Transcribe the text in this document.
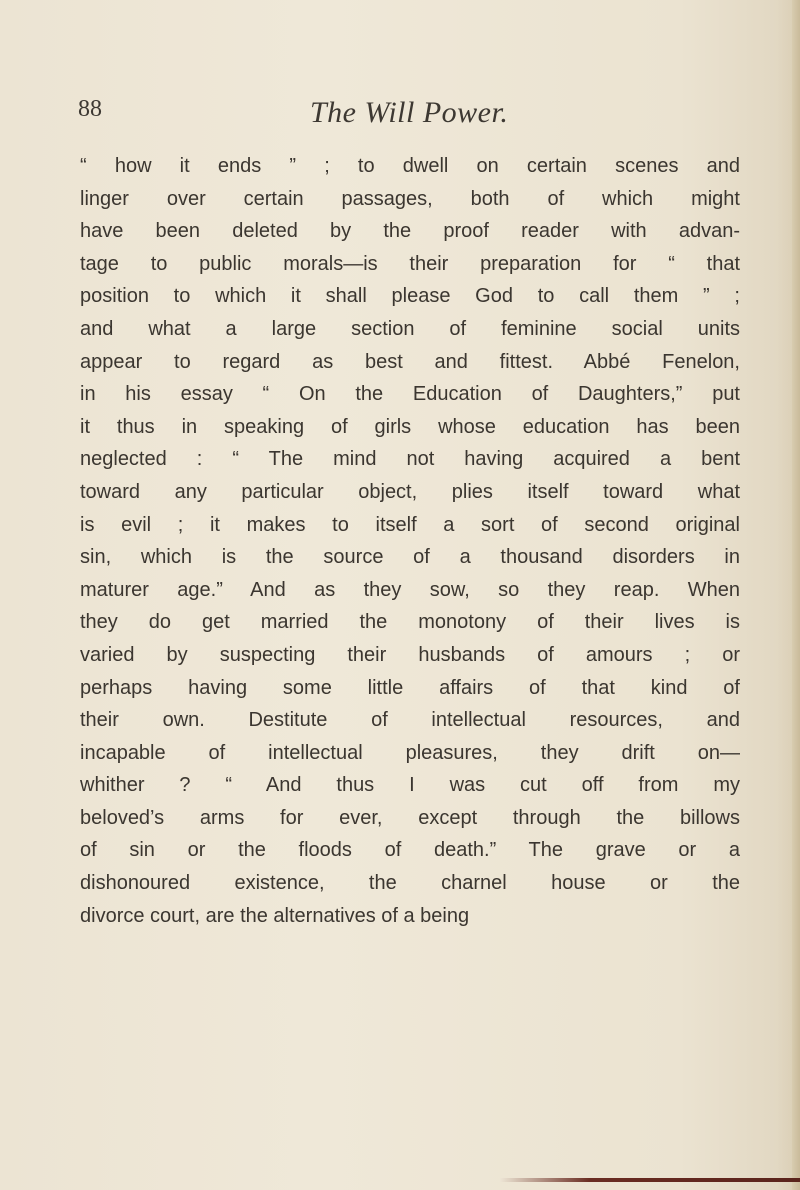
88	The Will Power.
“ how it ends ” ; to dwell on certain scenes and
linger over certain passages, both of which might
have been deleted by the proof reader with advan-
tage to public morals—is their preparation for “ that
position to which it shall please God to call them ” ;
and what a large section of feminine social units
appear to regard as best and fittest. Abbé Fenelon,
in his essay “ On the Education of Daughters,” put
it thus in speaking of girls whose education has been
neglected : “ The mind not having acquired a bent
toward any particular object, plies itself toward what
is evil ; it makes to itself a sort of second original
sin, which is the source of a thousand disorders in
maturer age.” And as they sow, so they reap. When
they do get married the monotony of their lives is
varied by suspecting their husbands of amours ; or
perhaps having some little affairs of that kind of
their own. Destitute of intellectual resources, and
incapable of intellectual pleasures, they drift on—
whither ? “ And thus I was cut off from my
beloved’s arms for ever, except through the billows
of sin or the floods of death.” The grave or a
dishonoured existence, the charnel house or the
divorce court, are the alternatives of a being
